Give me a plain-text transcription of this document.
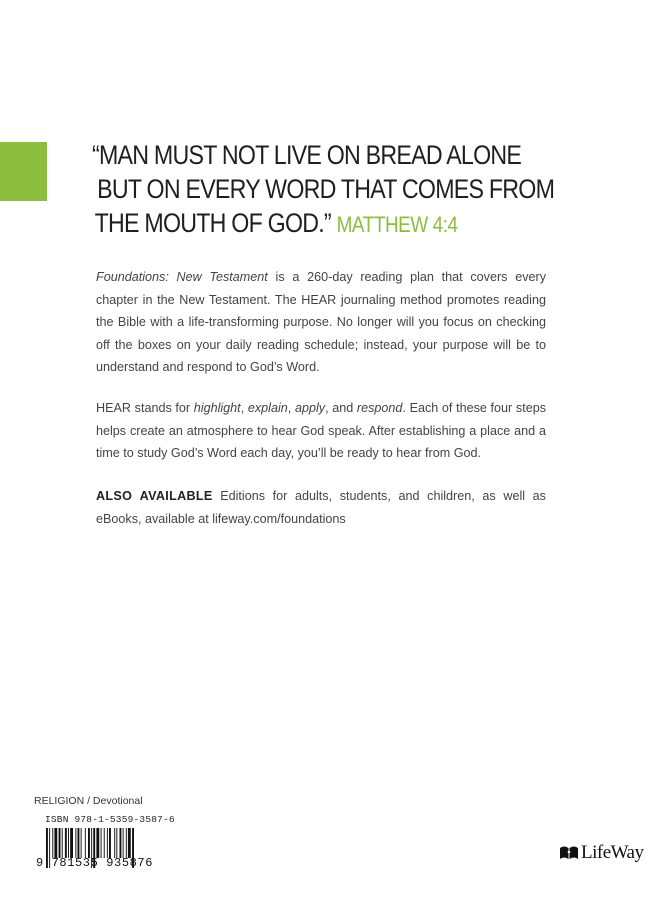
“MAN MUST NOT LIVE ON BREAD ALONE
BUT ON EVERY WORD THAT COMES FROM
THE MOUTH OF GOD.” MATTHEW 4:4

Foundations: New Testament is a 260-day reading plan that covers every chapter in the New Testament. The HEAR journaling method promotes reading the Bible with a life-transforming purpose. No longer will you focus on checking off the boxes on your daily reading schedule; instead, your purpose will be to understand and respond to God’s Word.

HEAR stands for highlight, explain, apply, and respond. Each of these four steps helps create an atmosphere to hear God speak. After establishing a place and a time to study God’s Word each day, you’ll be ready to hear from God.

ALSO AVAILABLE Editions for adults, students, and children, as well as eBooks, available at lifeway.com/foundations

RELIGION / Devotional
ISBN 978-1-5359-3587-6
9 781535 935876	LifeWay
